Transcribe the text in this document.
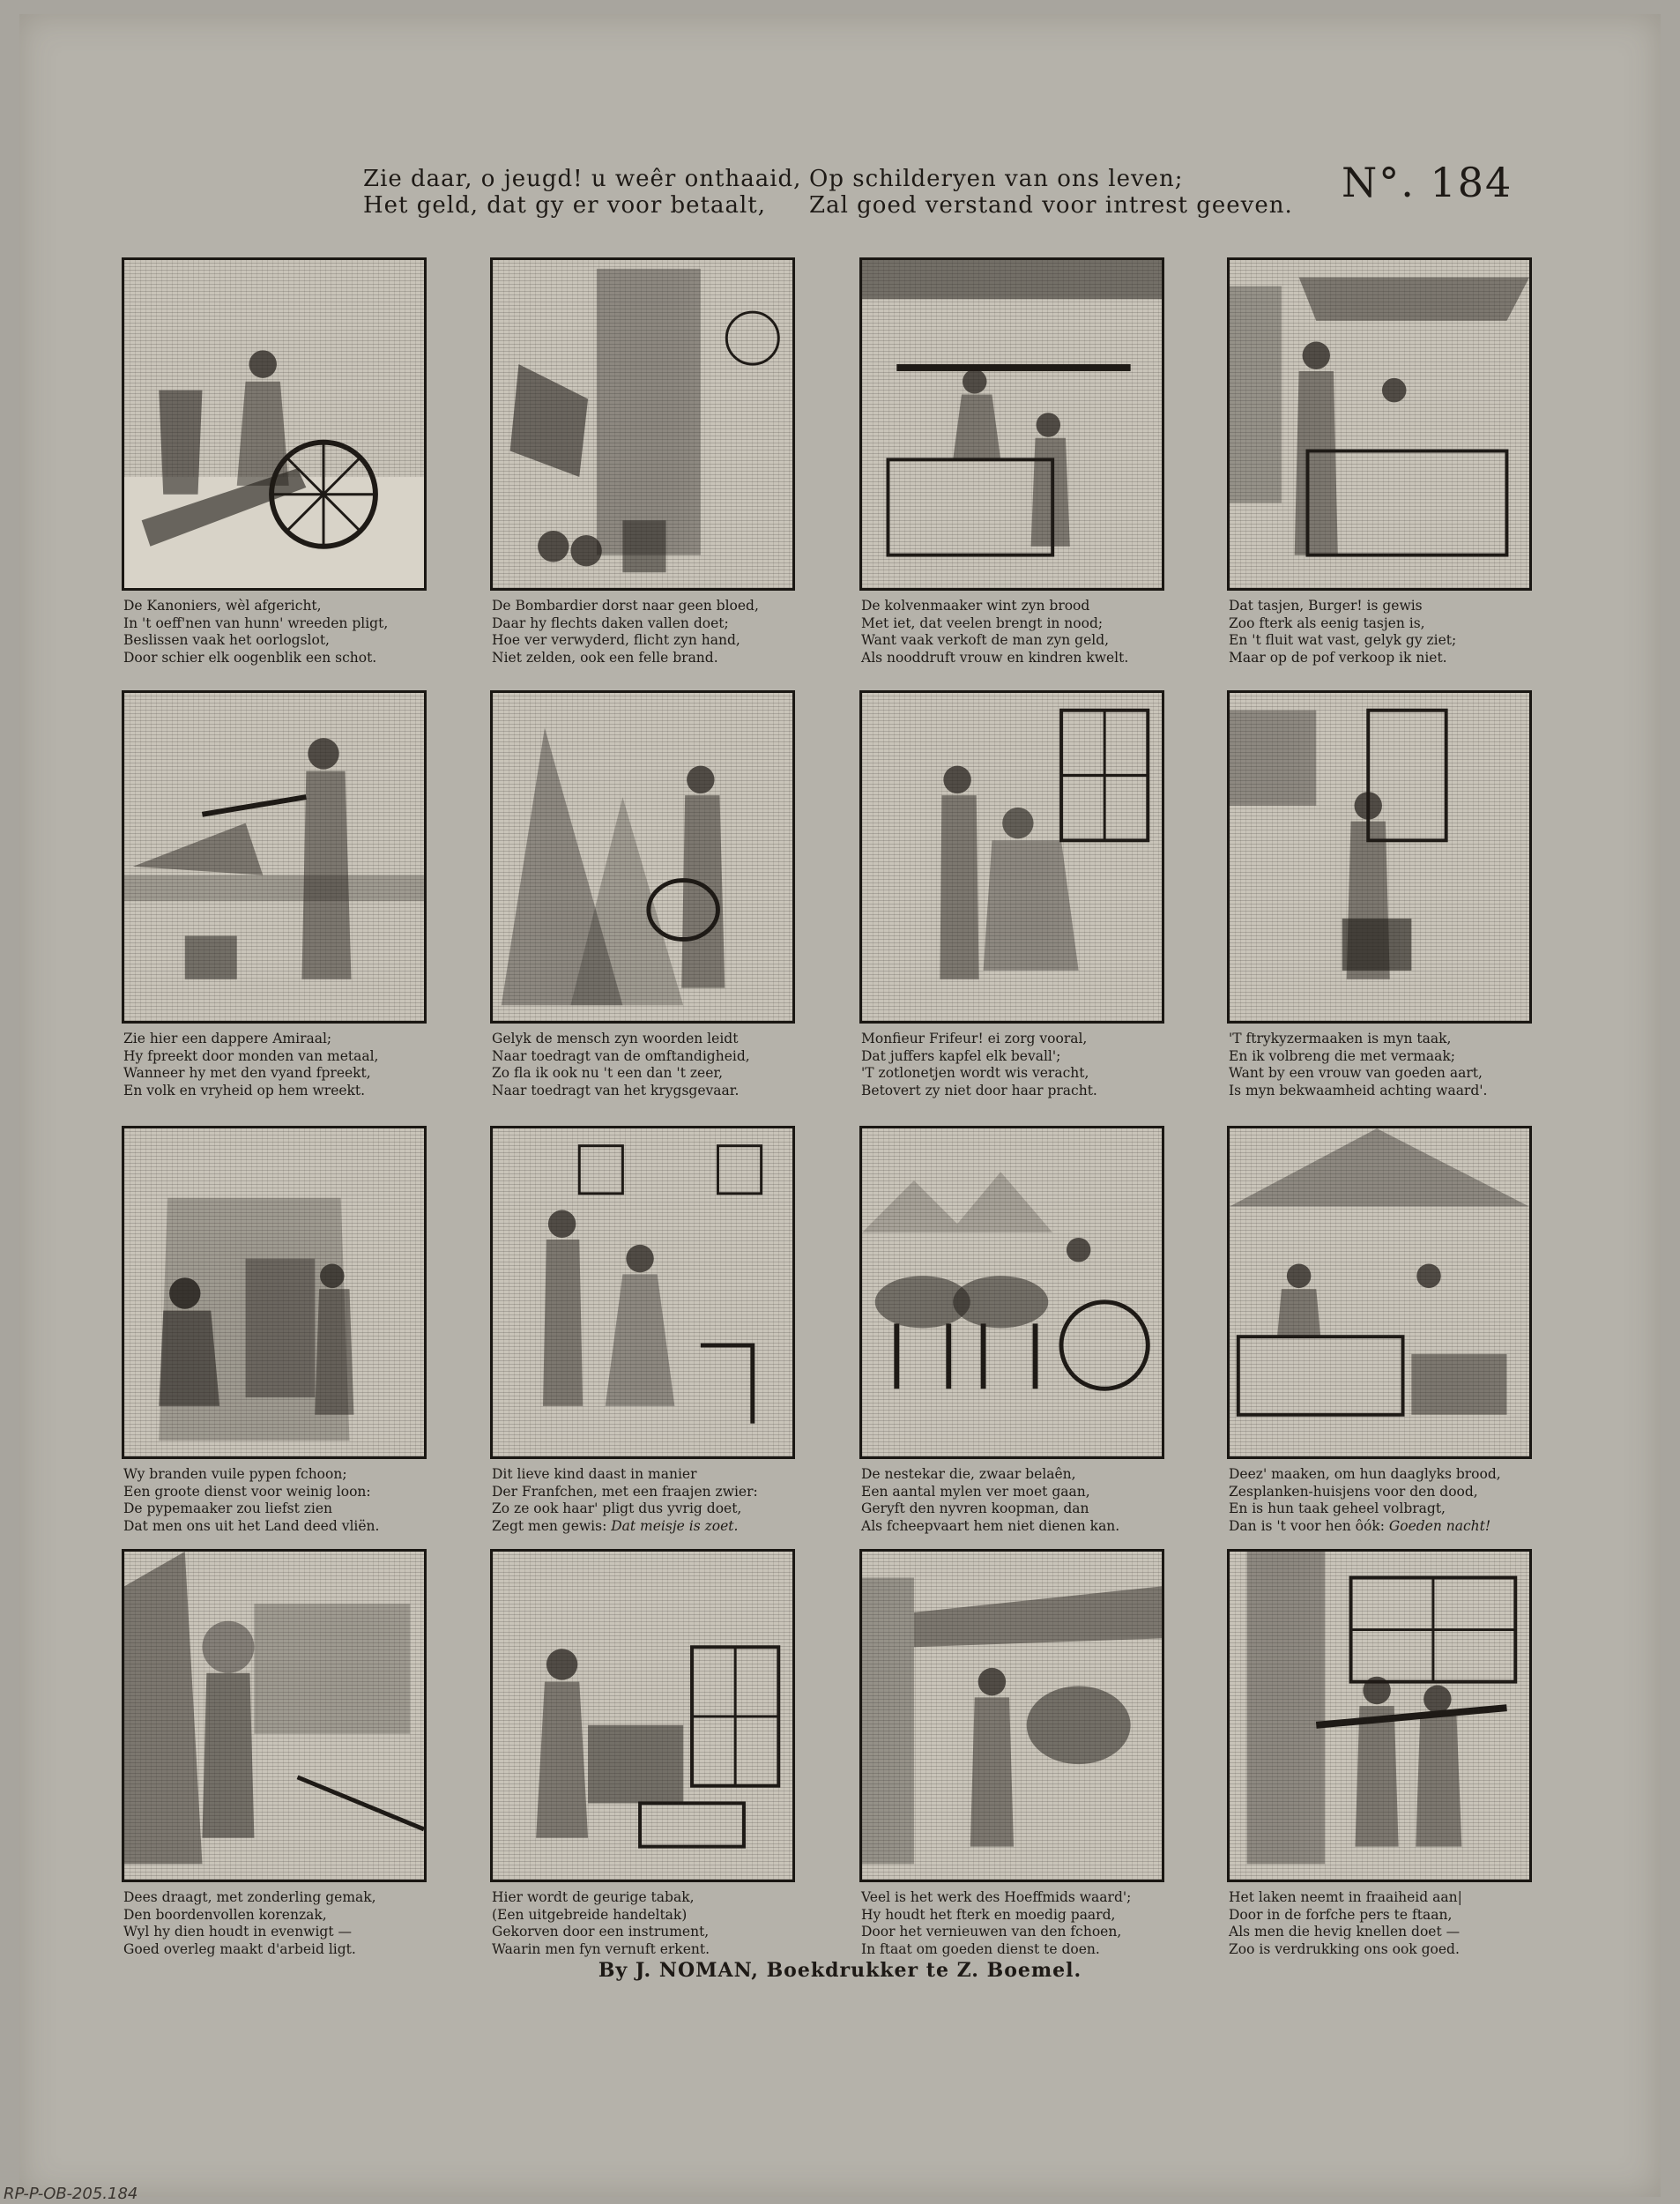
Zie daar, o jeugd! u weêr onthaaid,
Het geld, dat gy er voor betaalt,
Op schilderyen van ons leven;
Zal goed verstand voor intrest geeven. N°. 184
De Kanoniers, wèl afgericht,
In 't oeff'nen van hunn' wreeden pligt,
Beslissen vaak het oorlogslot,
Door schier elk oogenblik een schot.
De Bombardier dorst naar geen bloed,
Daar hy flechts daken vallen doet;
Hoe ver verwyderd, flicht zyn hand,
Niet zelden, ook een felle brand.
De kolvenmaaker wint zyn brood
Met iet, dat veelen brengt in nood;
Want vaak verkoft de man zyn geld,
Als nooddruft vrouw en kindren kwelt.
Dat tasjen, Burger! is gewis
Zoo fterk als eenig tasjen is,
En 't fluit wat vast, gelyk gy ziet;
Maar op de pof verkoop ik niet.
Zie hier een dappere Amiraal;
Hy fpreekt door monden van metaal,
Wanneer hy met den vyand fpreekt,
En volk en vryheid op hem wreekt.
Gelyk de mensch zyn woorden leidt
Naar toedragt van de omftandigheid,
Zo fla ik ook nu 't een dan 't zeer,
Naar toedragt van het krygsgevaar.
Monfieur Frifeur! ei zorg vooral,
Dat juffers kapfel elk bevall';
'T zotlonetjen wordt wis veracht,
Betovert zy niet door haar pracht.
'T ftrykyzermaaken is myn taak,
En ik volbreng die met vermaak;
Want by een vrouw van goeden aart,
Is myn bekwaamheid achting waard'.
Wy branden vuile pypen fchoon;
Een groote dienst voor weinig loon:
De pypemaaker zou liefst zien
Dat men ons uit het Land deed vliën.
Dit lieve kind daast in manier
Der Franfchen, met een fraajen zwier:
Zo ze ook haar' pligt dus yvrig doet,
Zegt men gewis: Dat meisje is zoet.
De nestekar die, zwaar belaên,
Een aantal mylen ver moet gaan,
Geryft den nyvren koopman, dan
Als fcheepvaart hem niet dienen kan.
Deez' maaken, om hun daaglyks brood,
Zesplanken-huisjens voor den dood,
En is hun taak geheel volbragt,
Dan is 't voor hen ôók: Goeden nacht!
Dees draagt, met zonderling gemak,
Den boordenvollen korenzak,
Wyl hy dien houdt in evenwigt —
Goed overleg maakt d'arbeid ligt.
Hier wordt de geurige tabak,
(Een uitgebreide handeltak)
Gekorven door een instrument,
Waarin men fyn vernuft erkent.
Veel is het werk des Hoeffmids waard';
Hy houdt het fterk en moedig paard,
Door het vernieuwen van den fchoen,
In ftaat om goeden dienst te doen.
Het laken neemt in fraaiheid aan|
Door in de forfche pers te ftaan,
Als men die hevig knellen doet —
Zoo is verdrukking ons ook goed.
By J. NOMAN, Boekdrukker te Z. Boemel.
RP-P-OB-205.184
